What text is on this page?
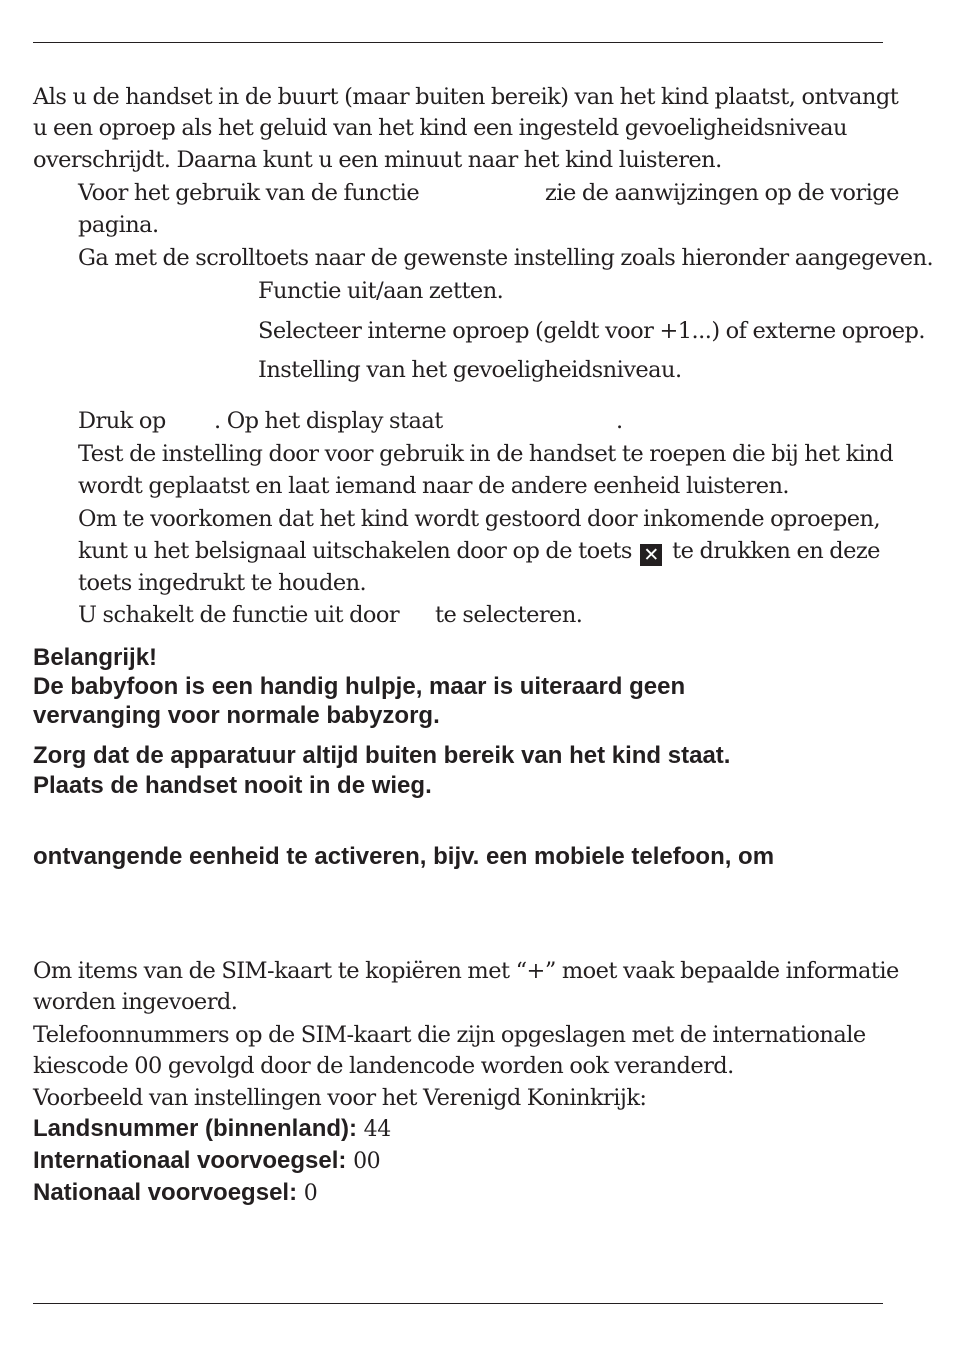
Als u de handset in de buurt (maar buiten bereik) van het kind plaatst, ontvangt

u een oproep als het geluid van het kind een ingesteld gevoeligheidsniveau

overschrijdt. Daarna kunt u een minuut naar het kind luisteren.

Voor het gebruik van de functie	zie de aanwijzingen op de vorige

pagina.

Ga met de scrolltoets naar de gewenste instelling zoals hieronder aangegeven.

Functie uit/aan zetten.

Selecteer interne oproep (geldt voor +1...) of externe oproep.

Instelling van het gevoeligheidsniveau.

Druk op . Op het display staat	.

Test de instelling door voor gebruik in de handset te roepen die bij het kind

wordt geplaatst en laat iemand naar de andere eenheid luisteren.

Om te voorkomen dat het kind wordt gestoord door inkomende oproepen,

kunt u het belsignaal uitschakelen door op de toets ✕ te drukken en deze

toets ingedrukt te houden.

U schakelt de functie uit door te selecteren.

Belangrijk!

De babyfoon is een handig hulpje, maar is uiteraard geen

vervanging voor normale babyzorg.

Zorg dat de apparatuur altijd buiten bereik van het kind staat.

Plaats de handset nooit in de wieg.

ontvangende eenheid te activeren, bijv. een mobiele telefoon, om

Om items van de SIM-kaart te kopiëren met “+” moet vaak bepaalde informatie

worden ingevoerd.

Telefoonnummers op de SIM-kaart die zijn opgeslagen met de internationale

kiescode 00 gevolgd door de landencode worden ook veranderd.

Voorbeeld van instellingen voor het Verenigd Koninkrijk:

Landsnummer (binnenland): 44

Internationaal voorvoegsel: 00

Nationaal voorvoegsel: 0
